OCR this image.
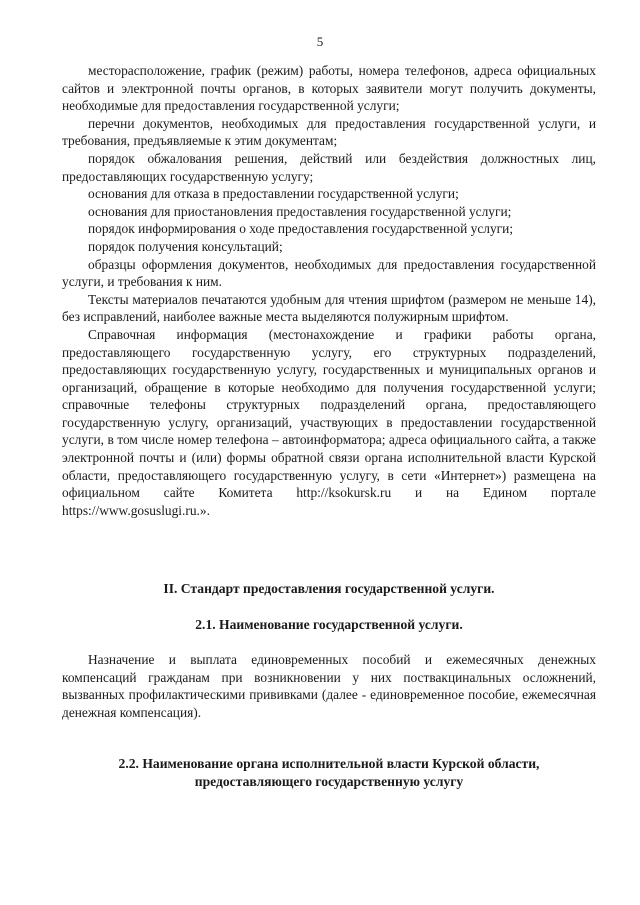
5

месторасположение, график (режим) работы, номера телефонов, адреса официальных сайтов и электронной почты органов, в которых заявители могут получить документы, необходимые для предоставления государственной услуги;

перечни документов, необходимых для предоставления государственной услуги, и требования, предъявляемые к этим документам;

порядок обжалования решения, действий или бездействия должностных лиц, предоставляющих государственную услугу;

основания для отказа в предоставлении государственной услуги;

основания для приостановления предоставления государственной услуги;

порядок информирования о ходе предоставления государственной услуги;

порядок получения консультаций;

образцы оформления документов, необходимых для предоставления государственной услуги, и требования к ним.

Тексты материалов печатаются удобным для чтения шрифтом (размером не меньше 14), без исправлений, наиболее важные места выделяются полужирным шрифтом.

Справочная информация (местонахождение и графики работы органа, предоставляющего государственную услугу, его структурных подразделений, предоставляющих государственную услугу, государственных и муниципальных органов и организаций, обращение в которые необходимо для получения государственной услуги; справочные телефоны структурных подразделений органа, предоставляющего государственную услугу, организаций, участвующих в предоставлении государственной услуги, в том числе номер телефона – автоинформатора; адреса официального сайта, а также электронной почты и (или) формы обратной связи органа исполнительной власти Курской области, предоставляющего государственную услугу, в сети «Интернет») размещена на официальном сайте Комитета http://ksokursk.ru и на Едином портале https://www.gosuslugi.ru.».

II. Стандарт предоставления государственной услуги.
2.1. Наименование государственной услуги.

Назначение и выплата единовременных пособий и ежемесячных денежных компенсаций гражданам при возникновении у них поствакцинальных осложнений, вызванных профилактическими прививками (далее - единовременное пособие, ежемесячная денежная компенсация).

2.2. Наименование органа исполнительной власти Курской области,
предоставляющего государственную услугу
